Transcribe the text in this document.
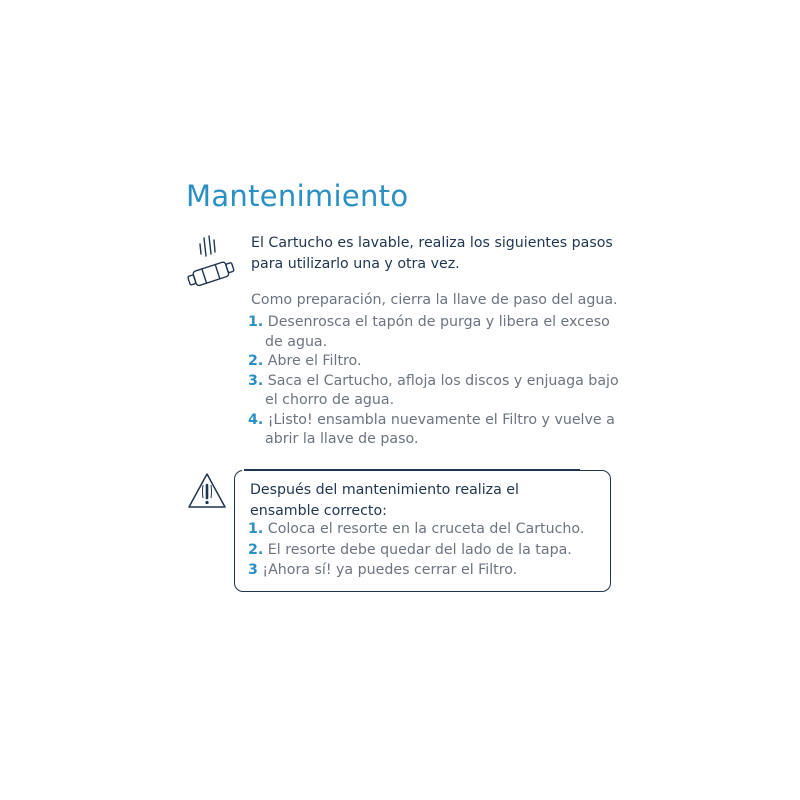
Mantenimiento

El Cartucho es lavable, realiza los siguientes pasos para utilizarlo una y otra vez.

Como preparación, cierra la llave de paso del agua.

1. Desenrosca el tapón de purga y libera el exceso de agua.
2. Abre el Filtro.
3. Saca el Cartucho, afloja los discos y enjuaga bajo el chorro de agua.
4. ¡Listo! ensambla nuevamente el Filtro y vuelve a abrir la llave de paso.

Después del mantenimiento realiza el ensamble correcto:

1. Coloca el resorte en la cruceta del Cartucho.
2. El resorte debe quedar del lado de la tapa.
3 ¡Ahora sí! ya puedes cerrar el Filtro.
